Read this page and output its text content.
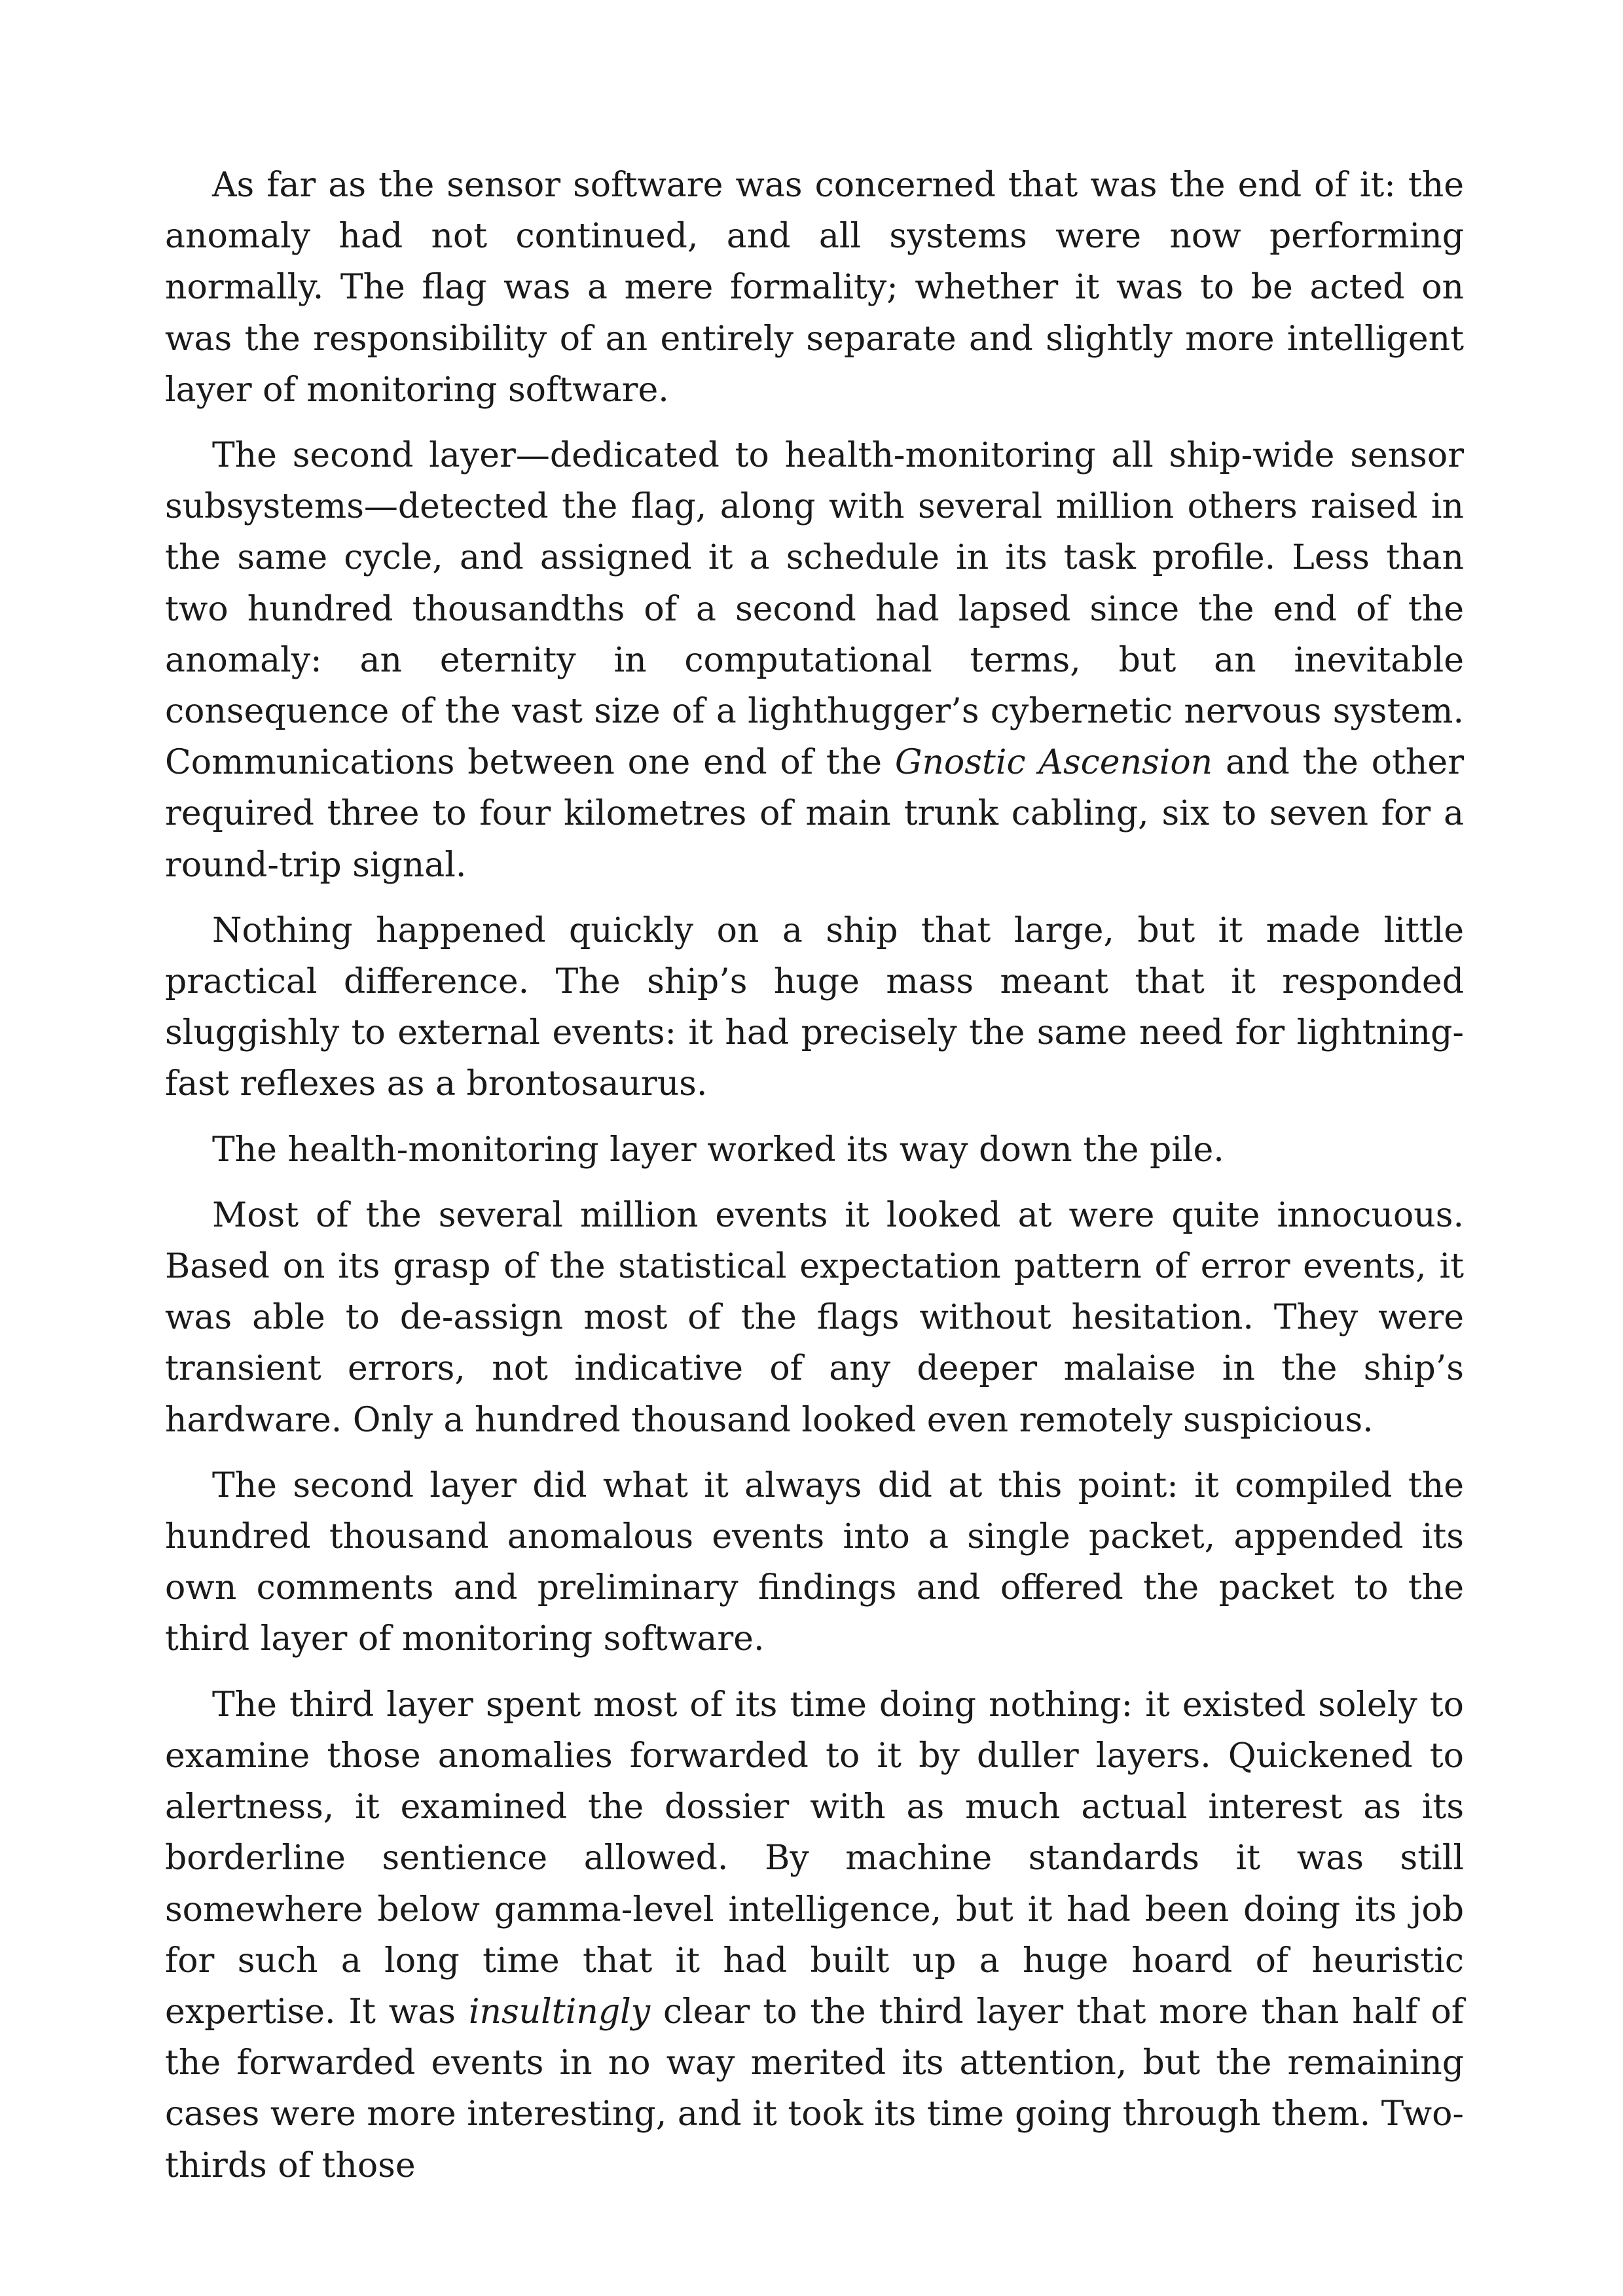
As far as the sensor software was concerned that was the end of it: the anomaly had not continued, and all systems were now performing normally. The flag was a mere formality; whether it was to be acted on was the responsibility of an entirely separate and slightly more intelligent layer of monitoring software.

The second layer—dedicated to health-monitoring all ship-wide sensor subsystems—detected the flag, along with several million others raised in the same cycle, and assigned it a schedule in its task profile. Less than two hundred thousandths of a second had lapsed since the end of the anomaly: an eternity in computational terms, but an inevitable consequence of the vast size of a lighthugger’s cybernetic nervous system. Communications between one end of the Gnostic Ascension and the other required three to four kilometres of main trunk cabling, six to seven for a round-trip signal.

Nothing happened quickly on a ship that large, but it made little practical difference. The ship’s huge mass meant that it responded sluggishly to external events: it had precisely the same need for lightning-fast reflexes as a brontosaurus.

The health-monitoring layer worked its way down the pile.

Most of the several million events it looked at were quite innocuous. Based on its grasp of the statistical expectation pattern of error events, it was able to de-assign most of the flags without hesitation. They were transient errors, not indicative of any deeper malaise in the ship’s hardware. Only a hundred thousand looked even remotely suspicious.

The second layer did what it always did at this point: it compiled the hundred thousand anomalous events into a single packet, appended its own comments and preliminary findings and offered the packet to the third layer of monitoring software.

The third layer spent most of its time doing nothing: it existed solely to examine those anomalies forwarded to it by duller layers. Quickened to alertness, it examined the dossier with as much actual interest as its borderline sentience allowed. By machine standards it was still somewhere below gamma-level intelligence, but it had been doing its job for such a long time that it had built up a huge hoard of heuristic expertise. It was insultingly clear to the third layer that more than half of the forwarded events in no way merited its attention, but the remaining cases were more interesting, and it took its time going through them. Two-thirds of those
